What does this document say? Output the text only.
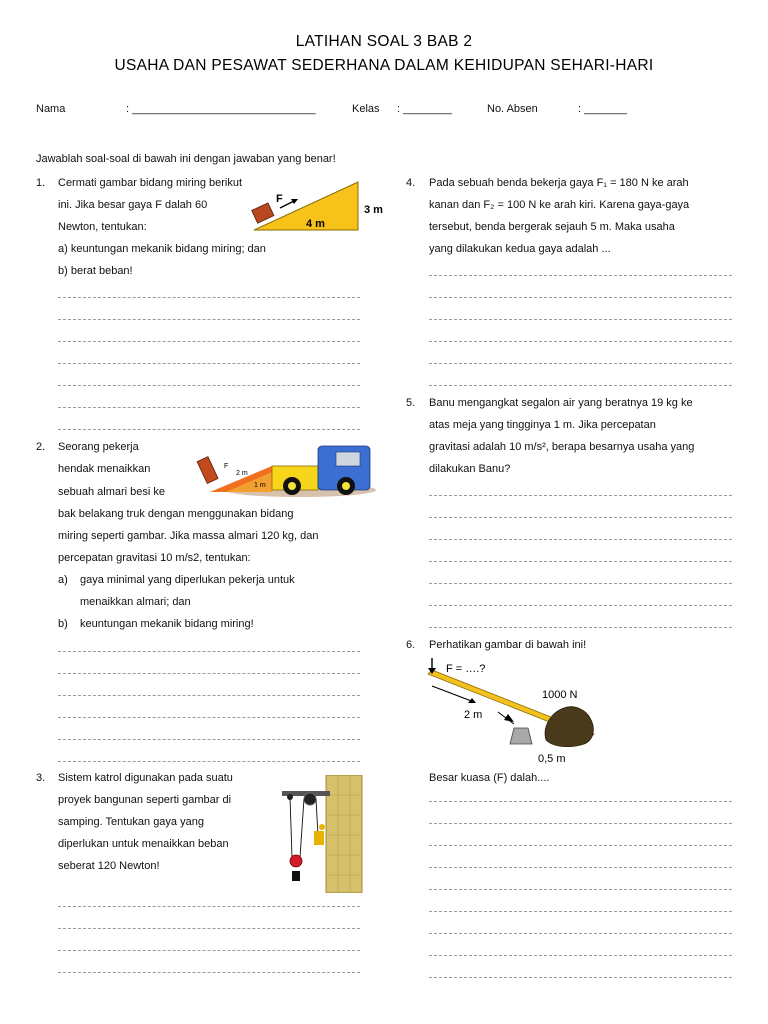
LATIHAN SOAL 3 BAB 2
USAHA DAN PESAWAT SEDERHANA DALAM KEHIDUPAN SEHARI-HARI
Nama	: ______________________________	Kelas : ________	No. Absen	: _______
Jawablah soal-soal di bawah ini dengan jawaban yang benar!
1. Cermati gambar bidang miring berikut
ini. Jika besar gaya F dalah 60
Newton, tentukan:
a) keuntungan mekanik bidang miring; dan
b) berat beban!
F
4 m
3 m
2. Seorang pekerja
hendak menaikkan
sebuah almari besi ke
bak belakang truk dengan menggunakan bidang
miring seperti gambar. Jika massa almari 120 kg, dan
percepatan gravitasi 10 m/s2, tentukan:
a) gaya minimal yang diperlukan pekerja untuk
menaikkan almari; dan
b) keuntungan mekanik bidang miring!
F
2 m
1 m
3. Sistem katrol digunakan pada suatu
proyek bangunan seperti gambar di
samping. Tentukan gaya yang
diperlukan untuk menaikkan beban
seberat 120 Newton!
4. Pada sebuah benda bekerja gaya F₁ = 180 N ke arah
kanan dan F₂ = 100 N ke arah kiri. Karena gaya-gaya
tersebut, benda bergerak sejauh 5 m. Maka usaha
yang dilakukan kedua gaya adalah ...
5. Banu mengangkat segalon air yang beratnya 19 kg ke
atas meja yang tingginya 1 m. Jika percepatan
gravitasi adalah 10 m/s², berapa besarnya usaha yang
dilakukan Banu?
6. Perhatikan gambar di bawah ini!
F = ….?
2 m
1000 N
0,5 m
Besar kuasa (F) dalah....
